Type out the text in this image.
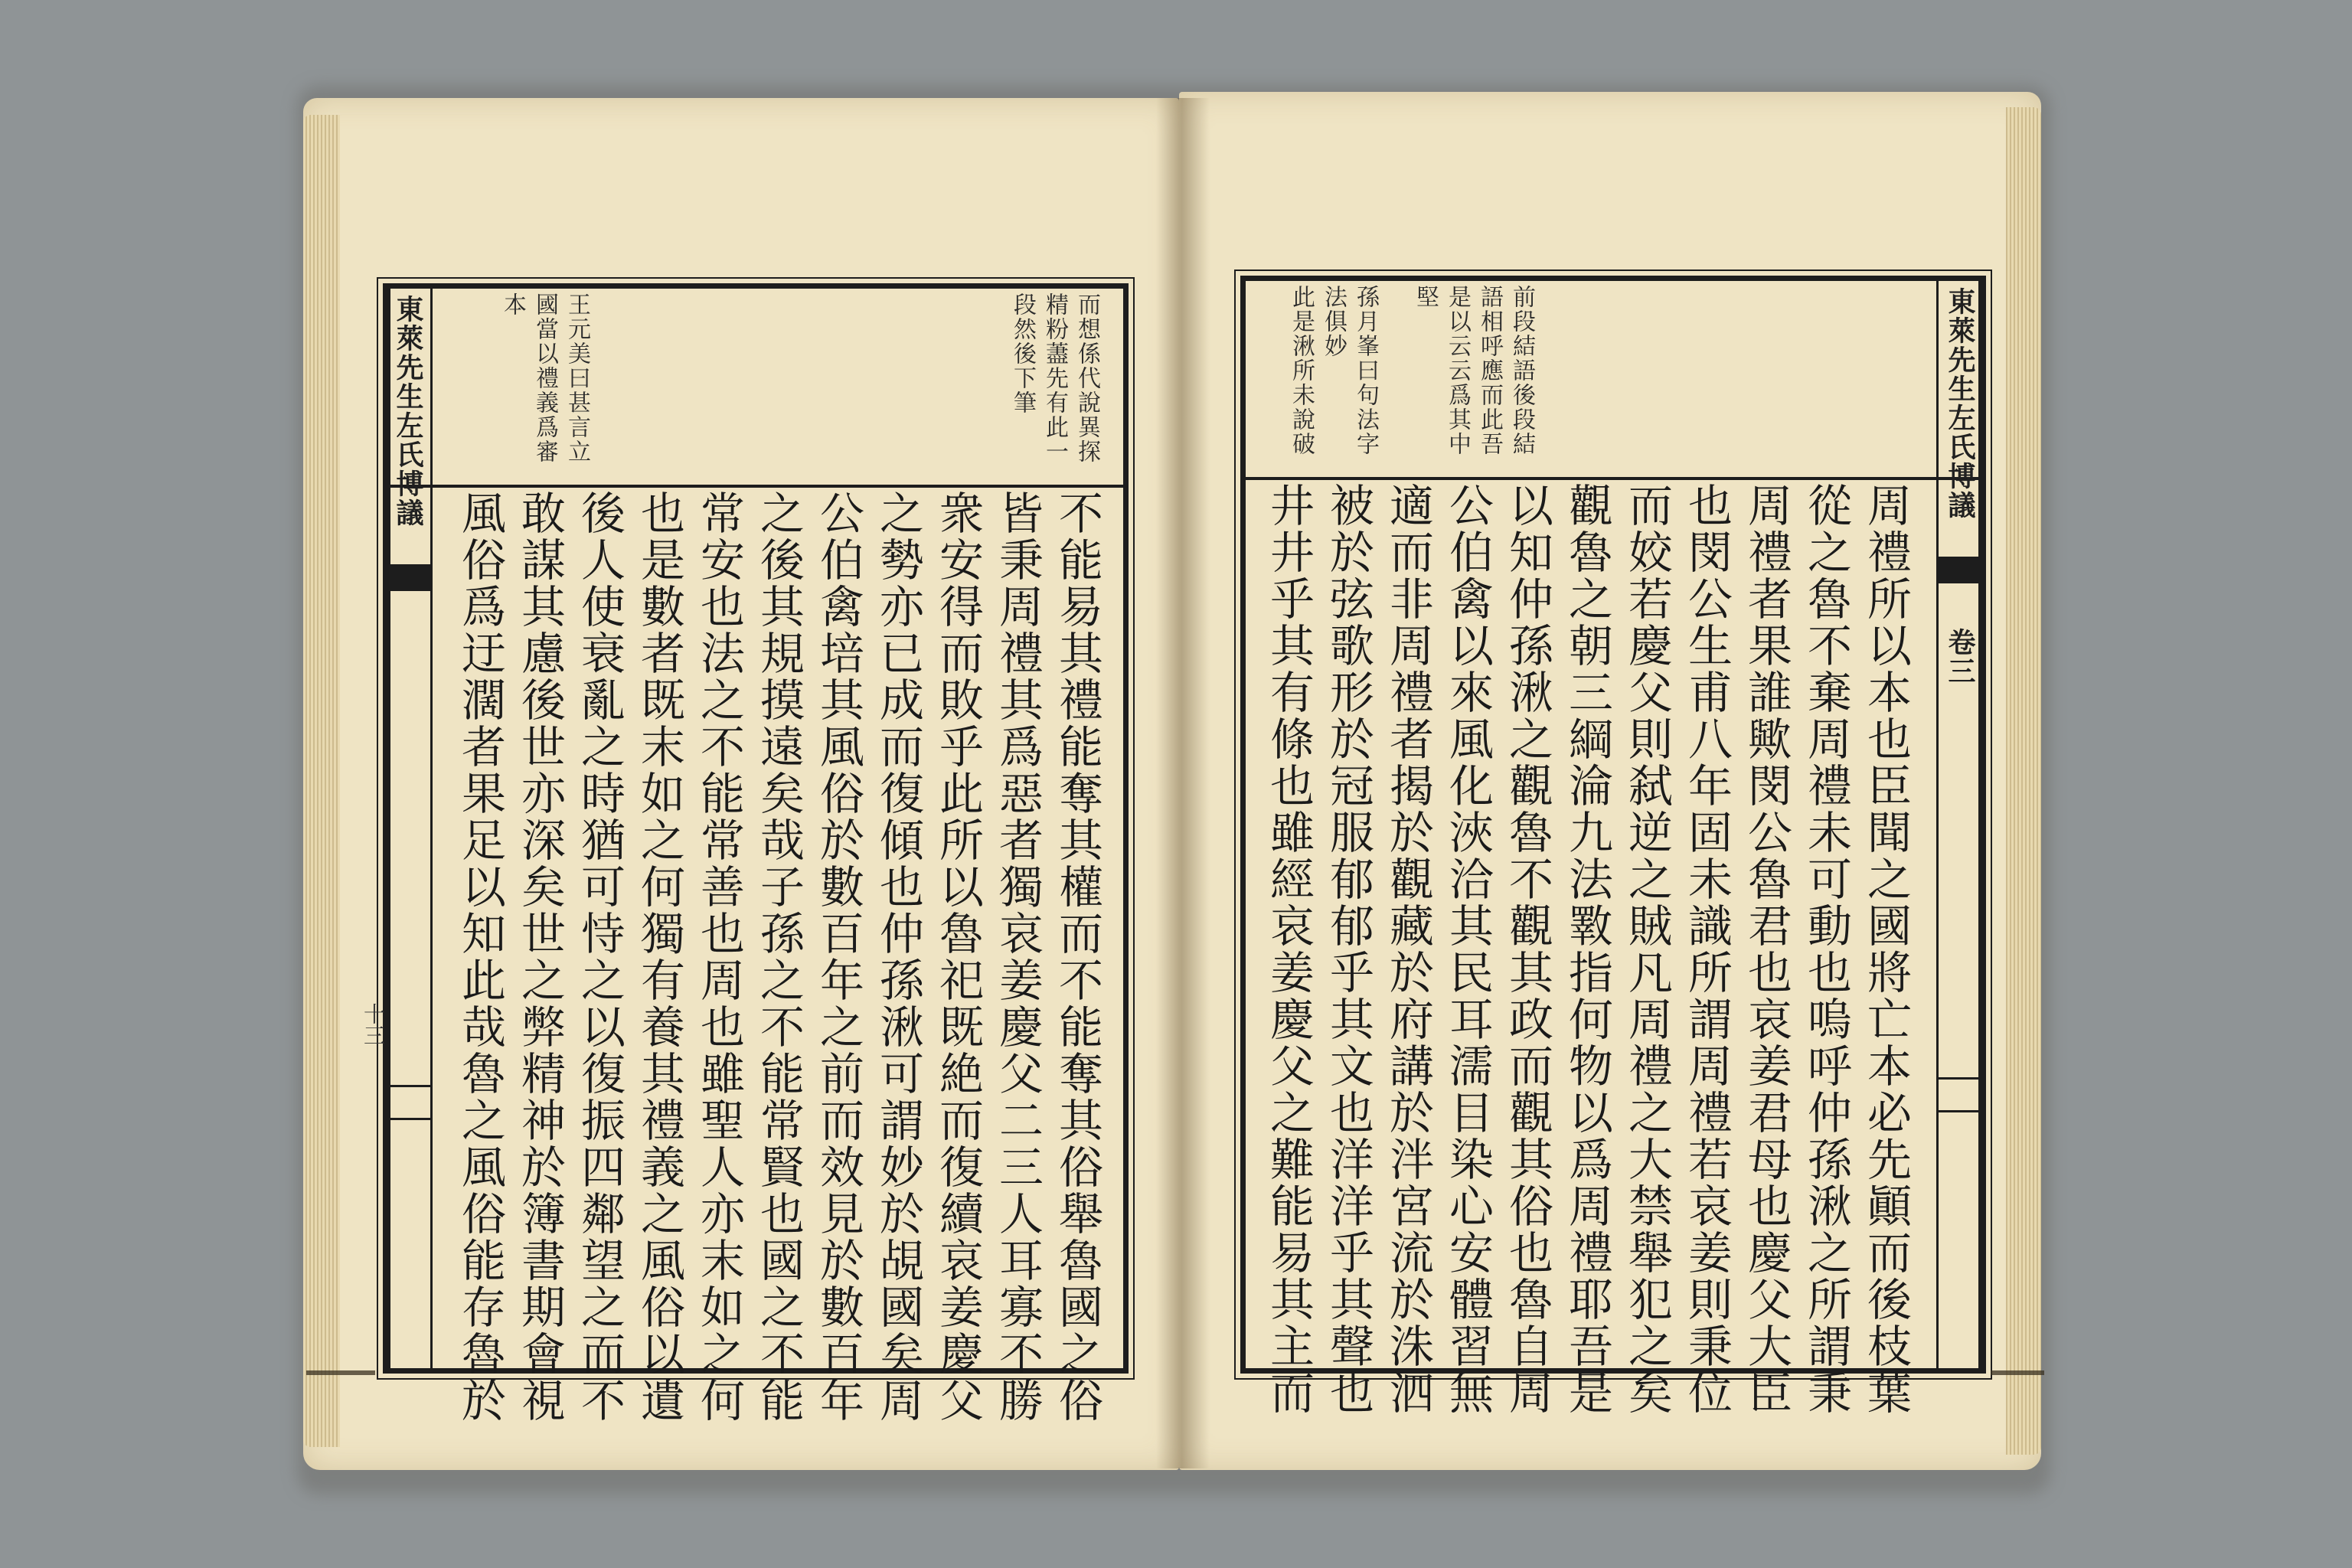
東萊先生左氏博議
十三
而想係代說異探
精粉藎先有此一
段然後下筆
王元美曰甚言立
國當以禮義爲審
本
不能易其禮能奪其權而不能奪其俗舉魯國之俗
皆秉周禮其爲惡者獨哀姜慶父二三人耳寡不勝
衆安得而敗乎此所以魯祀既絶而復續哀姜慶父
之勢亦已成而復傾也仲孫湫可謂妙於覘國矣周
公伯禽培其風俗於數百年之前而效見於數百年
之後其規摸遠矣哉子孫之不能常賢也國之不能
常安也法之不能常善也周也雖聖人亦末如之何
也是數者既末如之何獨有養其禮義之風俗以遺
後人使衰亂之時猶可恃之以復振四鄰望之而不
敢謀其慮後世亦深矣世之弊精神於簿書期會視
風俗爲迂濶者果足以知此哉魯之風俗能存魯於
東萊先生左氏博議
卷三
前段結語後段結
語相呼應而此吾
是以云云爲其中
堅
孫月峯曰句法字
法俱妙
此是湫所未說破
周禮所以本也臣聞之國將亡本必先顚而後枝葉
從之魯不棄周禮未可動也嗚呼仲孫湫之所謂秉
周禮者果誰歟閔公魯君也哀姜君母也慶父大臣
也閔公生甫八年固未識所謂周禮若哀姜則秉位
而姣若慶父則弑逆之賊凡周禮之大禁舉犯之矣
觀魯之朝三綱淪九法斁指何物以爲周禮耶吾是
以知仲孫湫之觀魯不觀其政而觀其俗也魯自周
公伯禽以來風化浹洽其民耳濡目染心安體習無
適而非周禮者揭於觀藏於府講於泮宮流於洙泗
被於弦歌形於冠服郁郁乎其文也洋洋乎其聲也
井井乎其有條也雖經哀姜慶父之難能易其主而
